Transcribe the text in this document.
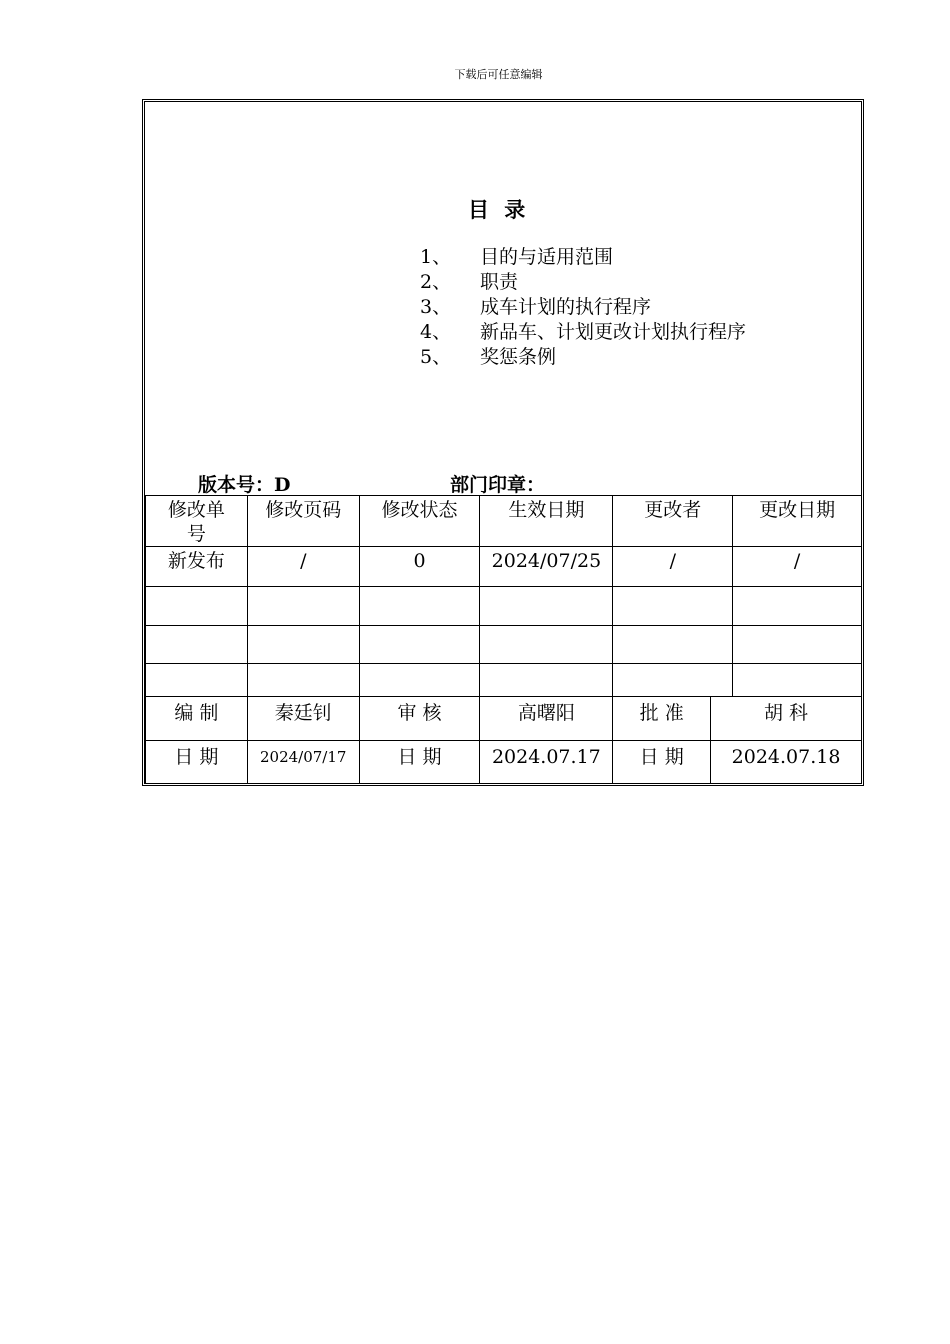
下载后可任意编辑
目 录
1、	目的与适用范围
2、	职责
3、	成车计划的执行程序
4、	新品车、计划更改计划执行程序
5、	奖惩条例
版本号：D	部门印章：
修改单号	修改页码	修改状态	生效日期	更改者	更改日期
新发布	/	0	2024/07/25	/	/

编 制	秦廷钊	审 核	高曙阳	批 准	胡 科
日 期	2024/07/17	日 期	2024.07.17	日 期	2024.07.18
